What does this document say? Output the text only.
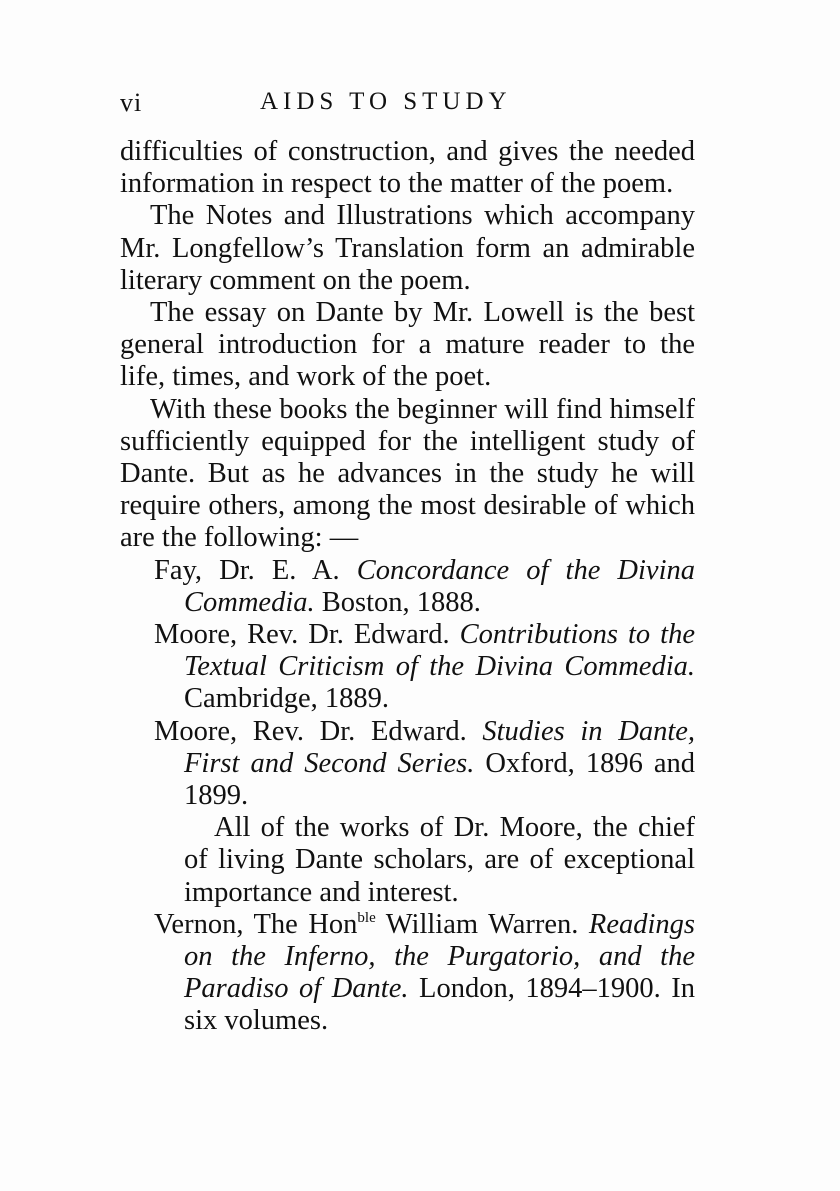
vi	AIDS TO STUDY

difficulties of construction, and gives the needed information in respect to the matter of the poem.

The Notes and Illustrations which accompany Mr. Longfellow’s Translation form an admirable literary comment on the poem.

The essay on Dante by Mr. Lowell is the best general introduction for a mature reader to the life, times, and work of the poet.

With these books the beginner will find himself sufficiently equipped for the intelligent study of Dante. But as he advances in the study he will require others, among the most desirable of which are the following: —

Fay, Dr. E. A. Concordance of the Divina Commedia. Boston, 1888.

Moore, Rev. Dr. Edward. Contributions to the Textual Criticism of the Divina Commedia. Cambridge, 1889.

Moore, Rev. Dr. Edward. Studies in Dante, First and Second Series. Oxford, 1896 and 1899.

All of the works of Dr. Moore, the chief of living Dante scholars, are of exceptional importance and interest.

Vernon, The Hon$^{ble}$ William Warren. Readings on the Inferno, the Purgatorio, and the Paradiso of Dante. London, 1894–1900. In six volumes.
